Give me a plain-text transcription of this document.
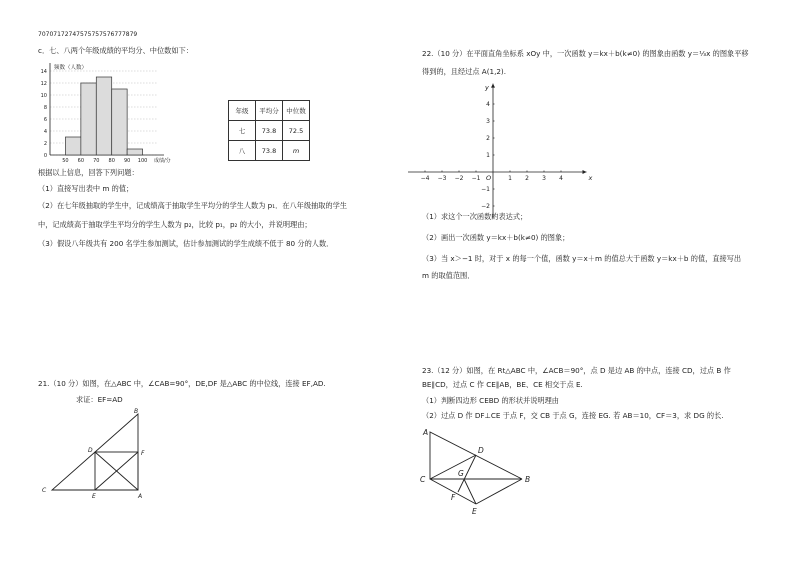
70707172747575757576777879
c．七、八两个年级成绩的平均分、中位数如下：
0
2
4
6
8
10
12
14
50 60 70 80 90 100
频数（人数）
成绩/分
年级	平均分	中位数
七	73.8	72.5
八	73.8	m
根据以上信息，回答下列问题：
（1）直接写出表中 m 的值；
（2）在七年级抽取的学生中，记成绩高于抽取学生平均分的学生人数为 p₁．在八年级抽取的学生
中，记成绩高于抽取学生平均分的学生人数为 p₂，比较 p₁，p₂ 的大小，并说明理由；
（3）假设八年级共有 200 名学生参加测试，估计参加测试的学生成绩不低于 80 分的人数．
21.（10 分）如图，在△ABC 中，∠CAB=90°，DE,DF 是△ABC 的中位线，连接 EF,AD.
求证：EF=AD
B
D	F
C
E	A
22.（10 分）在平面直角坐标系 xOy 中，一次函数 y＝kx＋b(k≠0) 的图象由函数 y＝⅓x 的图象平移
得到的，且经过点 A(1,2).
x
y
O
−4 −3 −2 −1	1 2 3 4
4
3
2
1
−1
−2
（1）求这个一次函数的表达式；
（2）画出一次函数 y＝kx＋b(k≠0) 的图象；
（3）当 x＞−1 时，对于 x 的每一个值，函数 y＝x＋m 的值总大于函数 y＝kx＋b 的值，直接写出
m 的取值范围．
23.（12 分）如图，在 Rt△ABC 中，∠ACB＝90°，点 D 是边 AB 的中点，连接 CD，过点 B 作
BE∥CD，过点 C 作 CE∥AB，BE、CE 相交于点 E.
（1）判断四边形 CEBD 的形状并说明理由
（2）过点 D 作 DF⊥CE 于点 F，交 CB 于点 G，连接 EG. 若 AB＝10，CF＝3，求 DG 的长.
A
D
C
G
B
F
E
